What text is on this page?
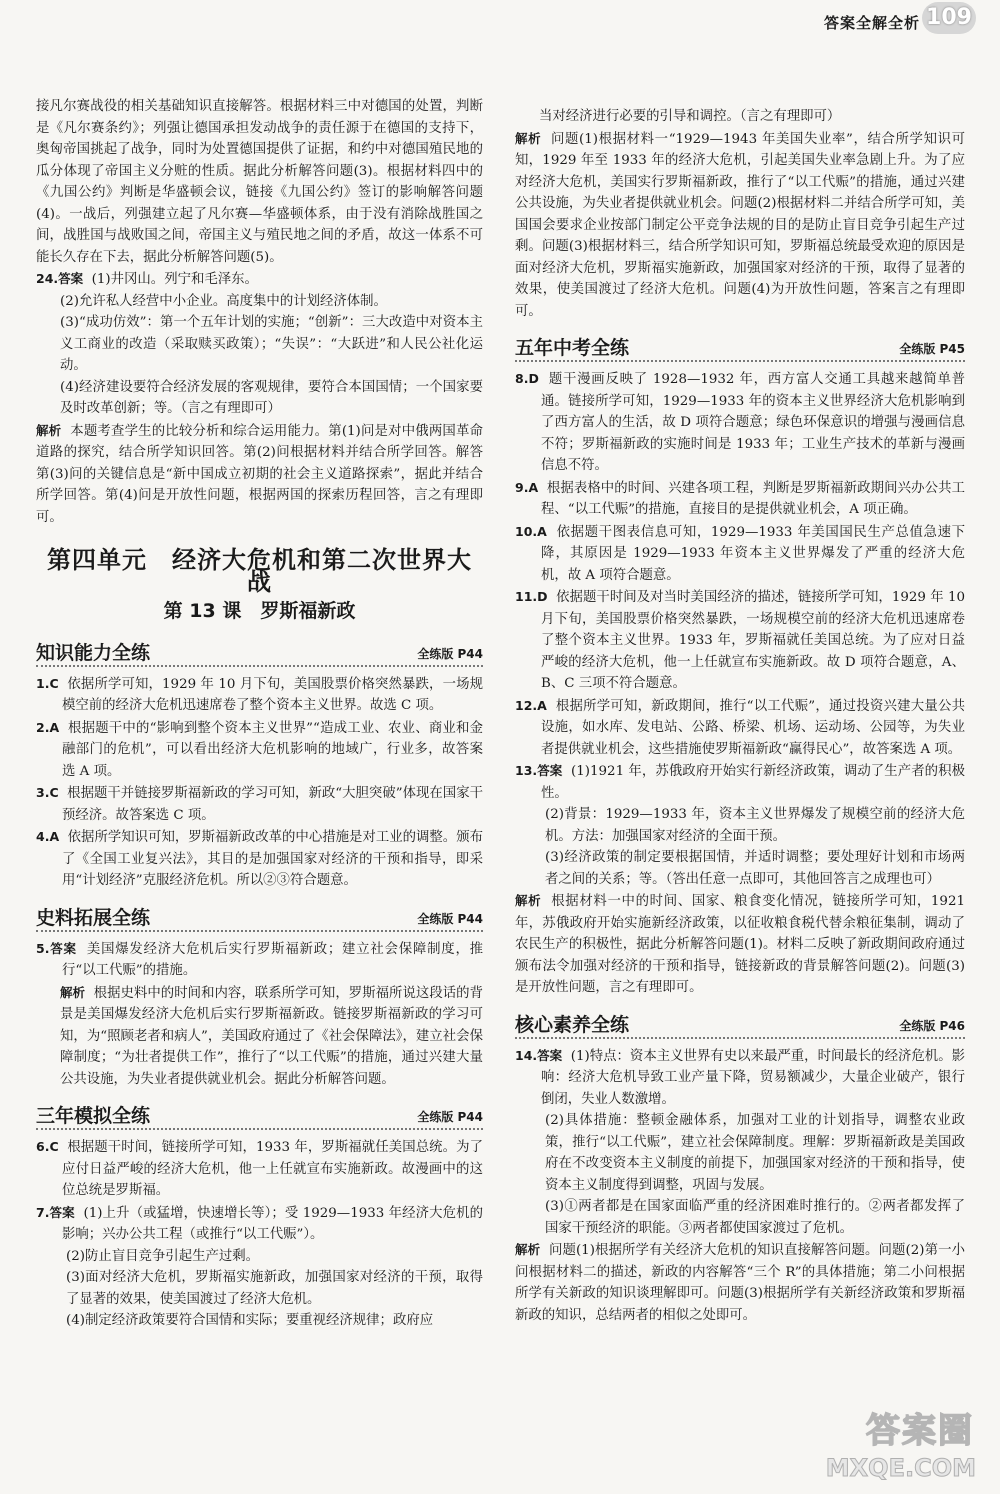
答案全解全析 109

接凡尔赛战役的相关基础知识直接解答。根据材料三中对德国的处置，判断是《凡尔赛条约》；列强让德国承担发动战争的责任源于在德国的支持下，奥匈帝国挑起了战争，同时为处置德国提供了证据，和约中对德国殖民地的瓜分体现了帝国主义分赃的性质。据此分析解答问题(3)。根据材料四中的《九国公约》判断是华盛顿会议，链接《九国公约》签订的影响解答问题(4)。一战后，列强建立起了凡尔赛—华盛顿体系，由于没有消除战胜国之间，战胜国与战败国之间，帝国主义与殖民地之间的矛盾，故这一体系不可能长久存在下去，据此分析解答问题(5)。

24.答案 (1)井冈山。列宁和毛泽东。

(2)允许私人经营中小企业。高度集中的计划经济体制。

(3)“成功仿效”：第一个五年计划的实施；“创新”：三大改造中对资本主义工商业的改造（采取赎买政策）；“失误”：“大跃进”和人民公社化运动。

(4)经济建设要符合经济发展的客观规律，要符合本国国情；一个国家要及时改革创新；等。（言之有理即可）

解析 本题考查学生的比较分析和综合运用能力。第(1)问是对中俄两国革命道路的探究，结合所学知识回答。第(2)问根据材料并结合所学回答。解答第(3)问的关键信息是“新中国成立初期的社会主义道路探索”，据此并结合所学回答。第(4)问是开放性问题，根据两国的探索历程回答，言之有理即可。

第四单元　经济大危机和第二次世界大战
第 13 课　罗斯福新政
知识能力全练	全练版 P44

1.C 依据所学可知，1929 年 10 月下旬，美国股票价格突然暴跌，一场规模空前的经济大危机迅速席卷了整个资本主义世界。故选 C 项。

2.A 根据题干中的“影响到整个资本主义世界”“造成工业、农业、商业和金融部门的危机”，可以看出经济大危机影响的地域广，行业多，故答案选 A 项。

3.C 根据题干并链接罗斯福新政的学习可知，新政“大胆突破”体现在国家干预经济。故答案选 C 项。

4.A 依据所学知识可知，罗斯福新政改革的中心措施是对工业的调整。颁布了《全国工业复兴法》，其目的是加强国家对经济的干预和指导，即采用“计划经济”克服经济危机。所以②③符合题意。

史料拓展全练	全练版 P44

5.答案 美国爆发经济大危机后实行罗斯福新政；建立社会保障制度，推行“以工代赈”的措施。

解析 根据史料中的时间和内容，联系所学可知，罗斯福所说这段话的背景是美国爆发经济大危机后实行罗斯福新政。链接罗斯福新政的学习可知，为“照顾老者和病人”，美国政府通过了《社会保障法》，建立社会保障制度；“为壮者提供工作”，推行了“以工代赈”的措施，通过兴建大量公共设施，为失业者提供就业机会。据此分析解答问题。

三年模拟全练	全练版 P44

6.C 根据题干时间，链接所学可知，1933 年，罗斯福就任美国总统。为了应付日益严峻的经济大危机，他一上任就宣布实施新政。故漫画中的这位总统是罗斯福。

7.答案 (1)上升（或猛增，快速增长等）；受 1929—1933 年经济大危机的影响；兴办公共工程（或推行“以工代赈”）。

(2)防止盲目竞争引起生产过剩。

(3)面对经济大危机，罗斯福实施新政，加强国家对经济的干预，取得了显著的效果，使美国渡过了经济大危机。

(4)制定经济政策要符合国情和实际；要重视经济规律；政府应

当对经济进行必要的引导和调控。（言之有理即可）

解析 问题(1)根据材料一“1929—1943 年美国失业率”，结合所学知识可知，1929 年至 1933 年的经济大危机，引起美国失业率急剧上升。为了应对经济大危机，美国实行罗斯福新政，推行了“以工代赈”的措施，通过兴建公共设施，为失业者提供就业机会。问题(2)根据材料二并结合所学可知，美国国会要求企业按部门制定公平竞争法规的目的是防止盲目竞争引起生产过剩。问题(3)根据材料三，结合所学知识可知，罗斯福总统最受欢迎的原因是面对经济大危机，罗斯福实施新政，加强国家对经济的干预，取得了显著的效果，使美国渡过了经济大危机。问题(4)为开放性问题，答案言之有理即可。

五年中考全练	全练版 P45

8.D 题干漫画反映了 1928—1932 年，西方富人交通工具越来越简单普通。链接所学可知，1929—1933 年的资本主义世界经济大危机影响到了西方富人的生活，故 D 项符合题意；绿色环保意识的增强与漫画信息不符；罗斯福新政的实施时间是 1933 年；工业生产技术的革新与漫画信息不符。

9.A 根据表格中的时间、兴建各项工程，判断是罗斯福新政期间兴办公共工程、“以工代赈”的措施，直接目的是提供就业机会，A 项正确。

10.A 依据题干图表信息可知，1929—1933 年美国国民生产总值急速下降，其原因是 1929—1933 年资本主义世界爆发了严重的经济大危机，故 A 项符合题意。

11.D 依据题干时间及对当时美国经济的描述，链接所学可知，1929 年 10 月下旬，美国股票价格突然暴跌，一场规模空前的经济大危机迅速席卷了整个资本主义世界。1933 年，罗斯福就任美国总统。为了应对日益严峻的经济大危机，他一上任就宣布实施新政。故 D 项符合题意，A、B、C 三项不符合题意。

12.A 根据所学可知，新政期间，推行“以工代赈”，通过投资兴建大量公共设施，如水库、发电站、公路、桥梁、机场、运动场、公园等，为失业者提供就业机会，这些措施使罗斯福新政“赢得民心”，故答案选 A 项。

13.答案 (1)1921 年，苏俄政府开始实行新经济政策，调动了生产者的积极性。

(2)背景：1929—1933 年，资本主义世界爆发了规模空前的经济大危机。方法：加强国家对经济的全面干预。

(3)经济政策的制定要根据国情，并适时调整；要处理好计划和市场两者之间的关系；等。（答出任意一点即可，其他回答言之成理也可）

解析 根据材料一中的时间、国家、粮食变化情况，链接所学可知，1921 年，苏俄政府开始实施新经济政策，以征收粮食税代替余粮征集制，调动了农民生产的积极性，据此分析解答问题(1)。材料二反映了新政期间政府通过颁布法令加强对经济的干预和指导，链接新政的背景解答问题(2)。问题(3)是开放性问题，言之有理即可。

核心素养全练	全练版 P46

14.答案 (1)特点：资本主义世界有史以来最严重，时间最长的经济危机。影响：经济大危机导致工业产量下降，贸易额减少，大量企业破产，银行倒闭，失业人数激增。

(2)具体措施：整顿金融体系，加强对工业的计划指导，调整农业政策，推行“以工代赈”，建立社会保障制度。理解：罗斯福新政是美国政府在不改变资本主义制度的前提下，加强国家对经济的干预和指导，使资本主义制度得到调整，巩固与发展。

(3)①两者都是在国家面临严重的经济困难时推行的。②两者都发挥了国家干预经济的职能。③两者都使国家渡过了危机。

解析 问题(1)根据所学有关经济大危机的知识直接解答问题。问题(2)第一小问根据材料二的描述，新政的内容解答“三个 R”的具体措施；第二小问根据所学有关新政的知识谈理解即可。问题(3)根据所学有关新经济政策和罗斯福新政的知识，总结两者的相似之处即可。

答案圈
MXQE.COM
